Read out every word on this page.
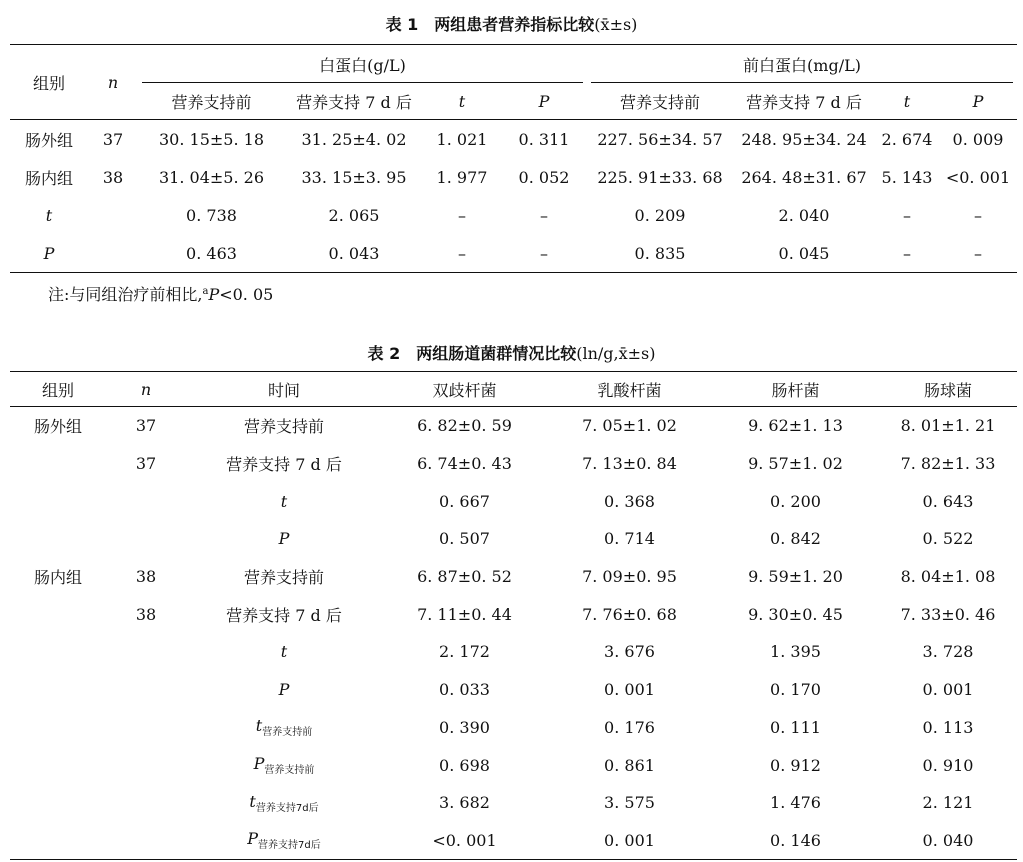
表 1 两组患者营养指标比较(x̄±s)
组别	n	白蛋白(g/L)				前白蛋白(mg/L)			
		营养支持前	营养支持 7 d 后	t	P	营养支持前	营养支持 7 d 后	t	P
肠外组	37	30. 15±5. 18	31. 25±4. 02	1. 021	0. 311	227. 56±34. 57	248. 95±34. 24	2. 674	0. 009
肠内组	38	31. 04±5. 26	33. 15±3. 95	1. 977	0. 052	225. 91±33. 68	264. 48±31. 67	5. 143	<0. 001
t		0. 738	2. 065	–	–	0. 209	2. 040	–	–
P		0. 463	0. 043	–	–	0. 835	0. 045	–	–
注:与同组治疗前相比,$^a$P<0. 05
表 2 两组肠道菌群情况比较(ln/g,x̄±s)
组别	n	时间	双歧杆菌	乳酸杆菌	肠杆菌	肠球菌
肠外组	37	营养支持前	6. 82±0. 59	7. 05±1. 02	9. 62±1. 13	8. 01±1. 21
	37	营养支持 7 d 后	6. 74±0. 43	7. 13±0. 84	9. 57±1. 02	7. 82±1. 33
		t	0. 667	0. 368	0. 200	0. 643
		P	0. 507	0. 714	0. 842	0. 522
肠内组	38	营养支持前	6. 87±0. 52	7. 09±0. 95	9. 59±1. 20	8. 04±1. 08
	38	营养支持 7 d 后	7. 11±0. 44	7. 76±0. 68	9. 30±0. 45	7. 33±0. 46
		t	2. 172	3. 676	1. 395	3. 728
		P	0. 033	0. 001	0. 170	0. 001
		$t_{营养支持前}$	0. 390	0. 176	0. 111	0. 113
		$P_{营养支持前}$	0. 698	0. 861	0. 912	0. 910
		$t_{营养支持7d后}$	3. 682	3. 575	1. 476	2. 121
		$P_{营养支持7d后}$	<0. 001	0. 001	0. 146	0. 040
